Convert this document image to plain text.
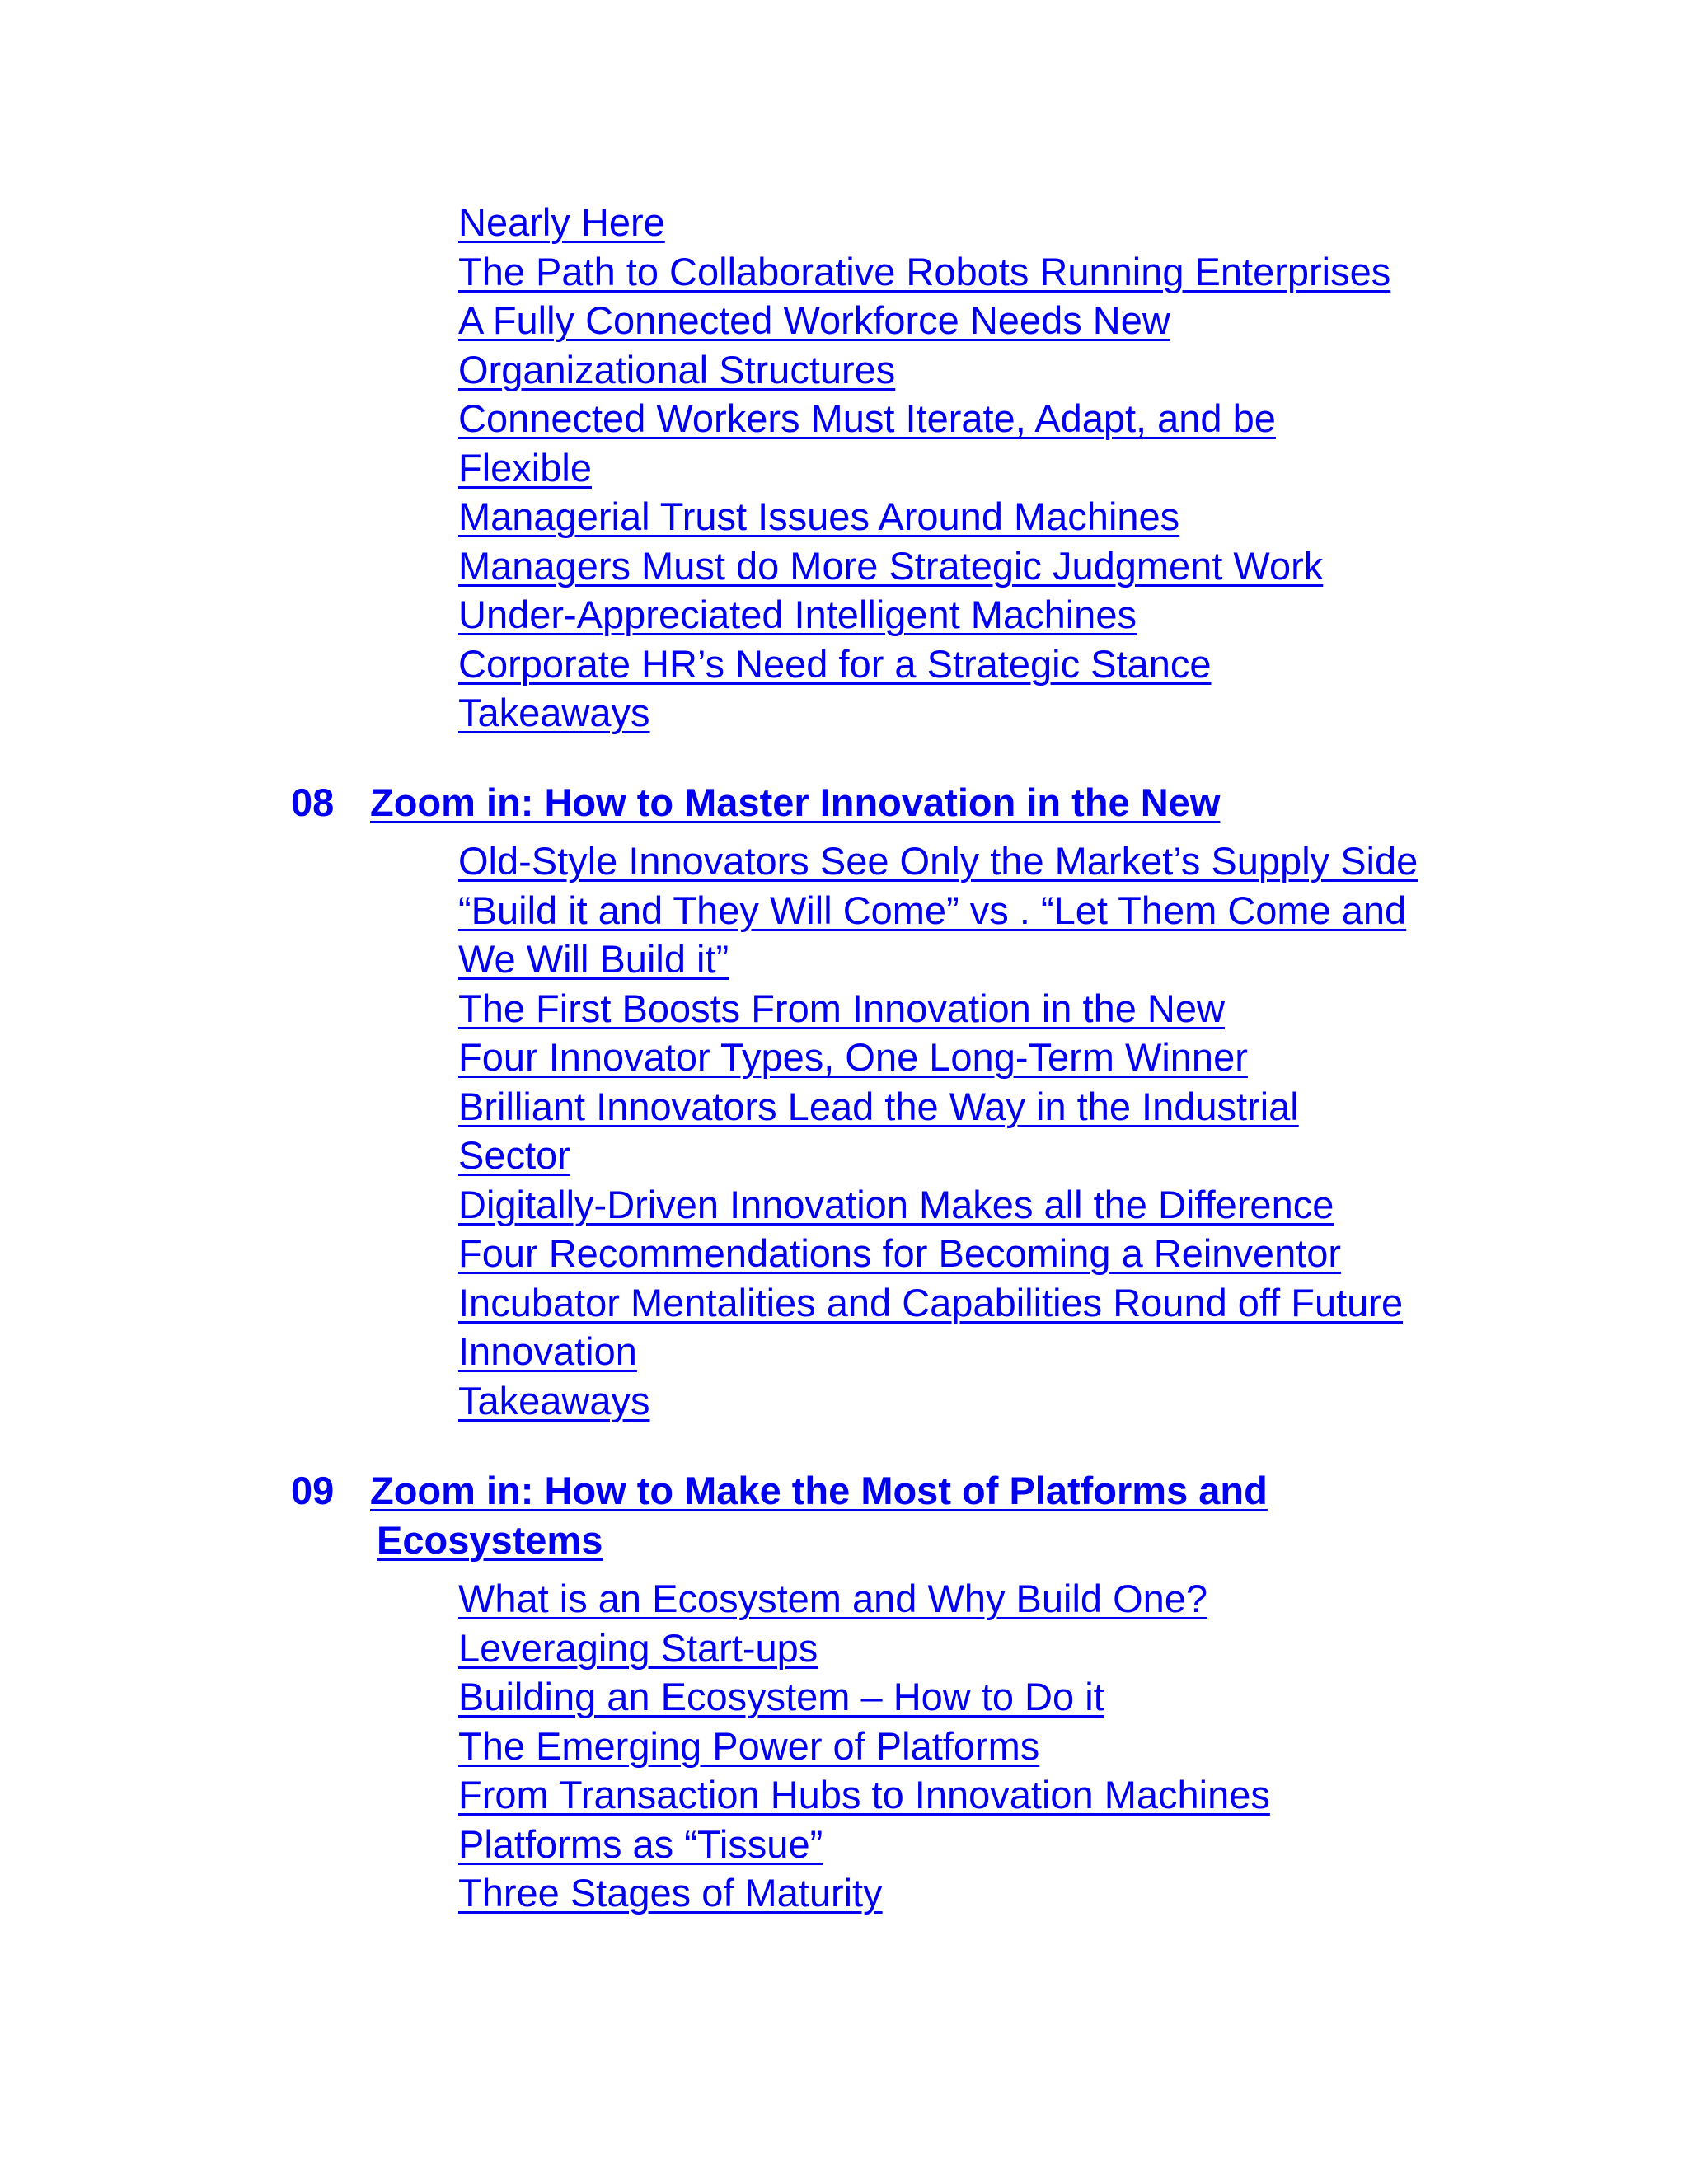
Nearly Here
The Path to Collaborative Robots Running Enterprises
A Fully Connected Workforce Needs New
Organizational Structures
Connected Workers Must Iterate, Adapt, and be
Flexible
Managerial Trust Issues Around Machines
Managers Must do More Strategic Judgment Work
Under-Appreciated Intelligent Machines
Corporate HR’s Need for a Strategic Stance
Takeaways
08 Zoom in: How to Master Innovation in the New
Old-Style Innovators See Only the Market’s Supply Side
“Build it and They Will Come” vs . “Let Them Come and
We Will Build it”
The First Boosts From Innovation in the New
Four Innovator Types, One Long-Term Winner
Brilliant Innovators Lead the Way in the Industrial
Sector
Digitally-Driven Innovation Makes all the Difference
Four Recommendations for Becoming a Reinventor
Incubator Mentalities and Capabilities Round off Future
Innovation
Takeaways
09 Zoom in: How to Make the Most of Platforms and
Ecosystems
What is an Ecosystem and Why Build One?
Leveraging Start-ups
Building an Ecosystem – How to Do it
The Emerging Power of Platforms
From Transaction Hubs to Innovation Machines
Platforms as “Tissue”
Three Stages of Maturity
